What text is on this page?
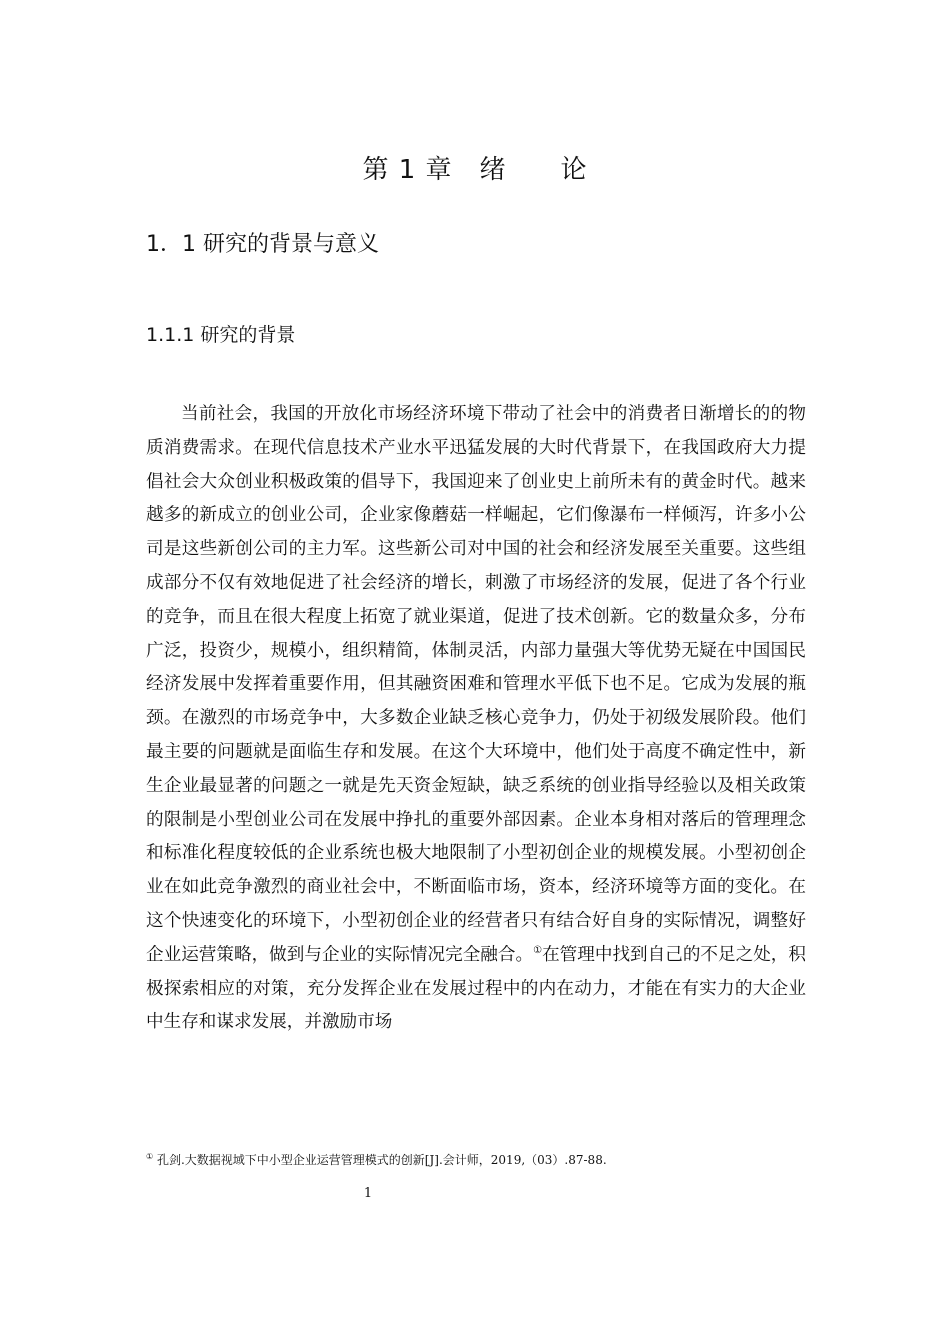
第 1 章　绪　　论
1．1 研究的背景与意义
1.1.1 研究的背景

当前社会，我国的开放化市场经济环境下带动了社会中的消费者日渐增长的的物质消费需求。在现代信息技术产业水平迅猛发展的大时代背景下，在我国政府大力提倡社会大众创业积极政策的倡导下，我国迎来了创业史上前所未有的黄金时代。越来越多的新成立的创业公司，企业家像蘑菇一样崛起，它们像瀑布一样倾泻，许多小公司是这些新创公司的主力军。这些新公司对中国的社会和经济发展至关重要。这些组成部分不仅有效地促进了社会经济的增长，刺激了市场经济的发展，促进了各个行业的竞争，而且在很大程度上拓宽了就业渠道，促进了技术创新。它的数量众多，分布广泛，投资少，规模小，组织精简，体制灵活，内部力量强大等优势无疑在中国国民经济发展中发挥着重要作用，但其融资困难和管理水平低下也不足。它成为发展的瓶颈。在激烈的市场竞争中，大多数企业缺乏核心竞争力，仍处于初级发展阶段。他们最主要的问题就是面临生存和发展。在这个大环境中，他们处于高度不确定性中，新生企业最显著的问题之一就是先天资金短缺，缺乏系统的创业指导经验以及相关政策的限制是小型创业公司在发展中挣扎的重要外部因素。企业本身相对落后的管理理念和标准化程度较低的企业系统也极大地限制了小型初创企业的规模发展。小型初创企业在如此竞争激烈的商业社会中，不断面临市场，资本，经济环境等方面的变化。在这个快速变化的环境下，小型初创企业的经营者只有结合好自身的实际情况，调整好企业运营策略，做到与企业的实际情况完全融合。①在管理中找到自己的不足之处，积极探索相应的对策，充分发挥企业在发展过程中的内在动力，才能在有实力的大企业中生存和谋求发展，并激励市场

① 孔剑.大数据视域下中小型企业运营管理模式的创新[J].会计师，2019,（03）.87-88.
1
